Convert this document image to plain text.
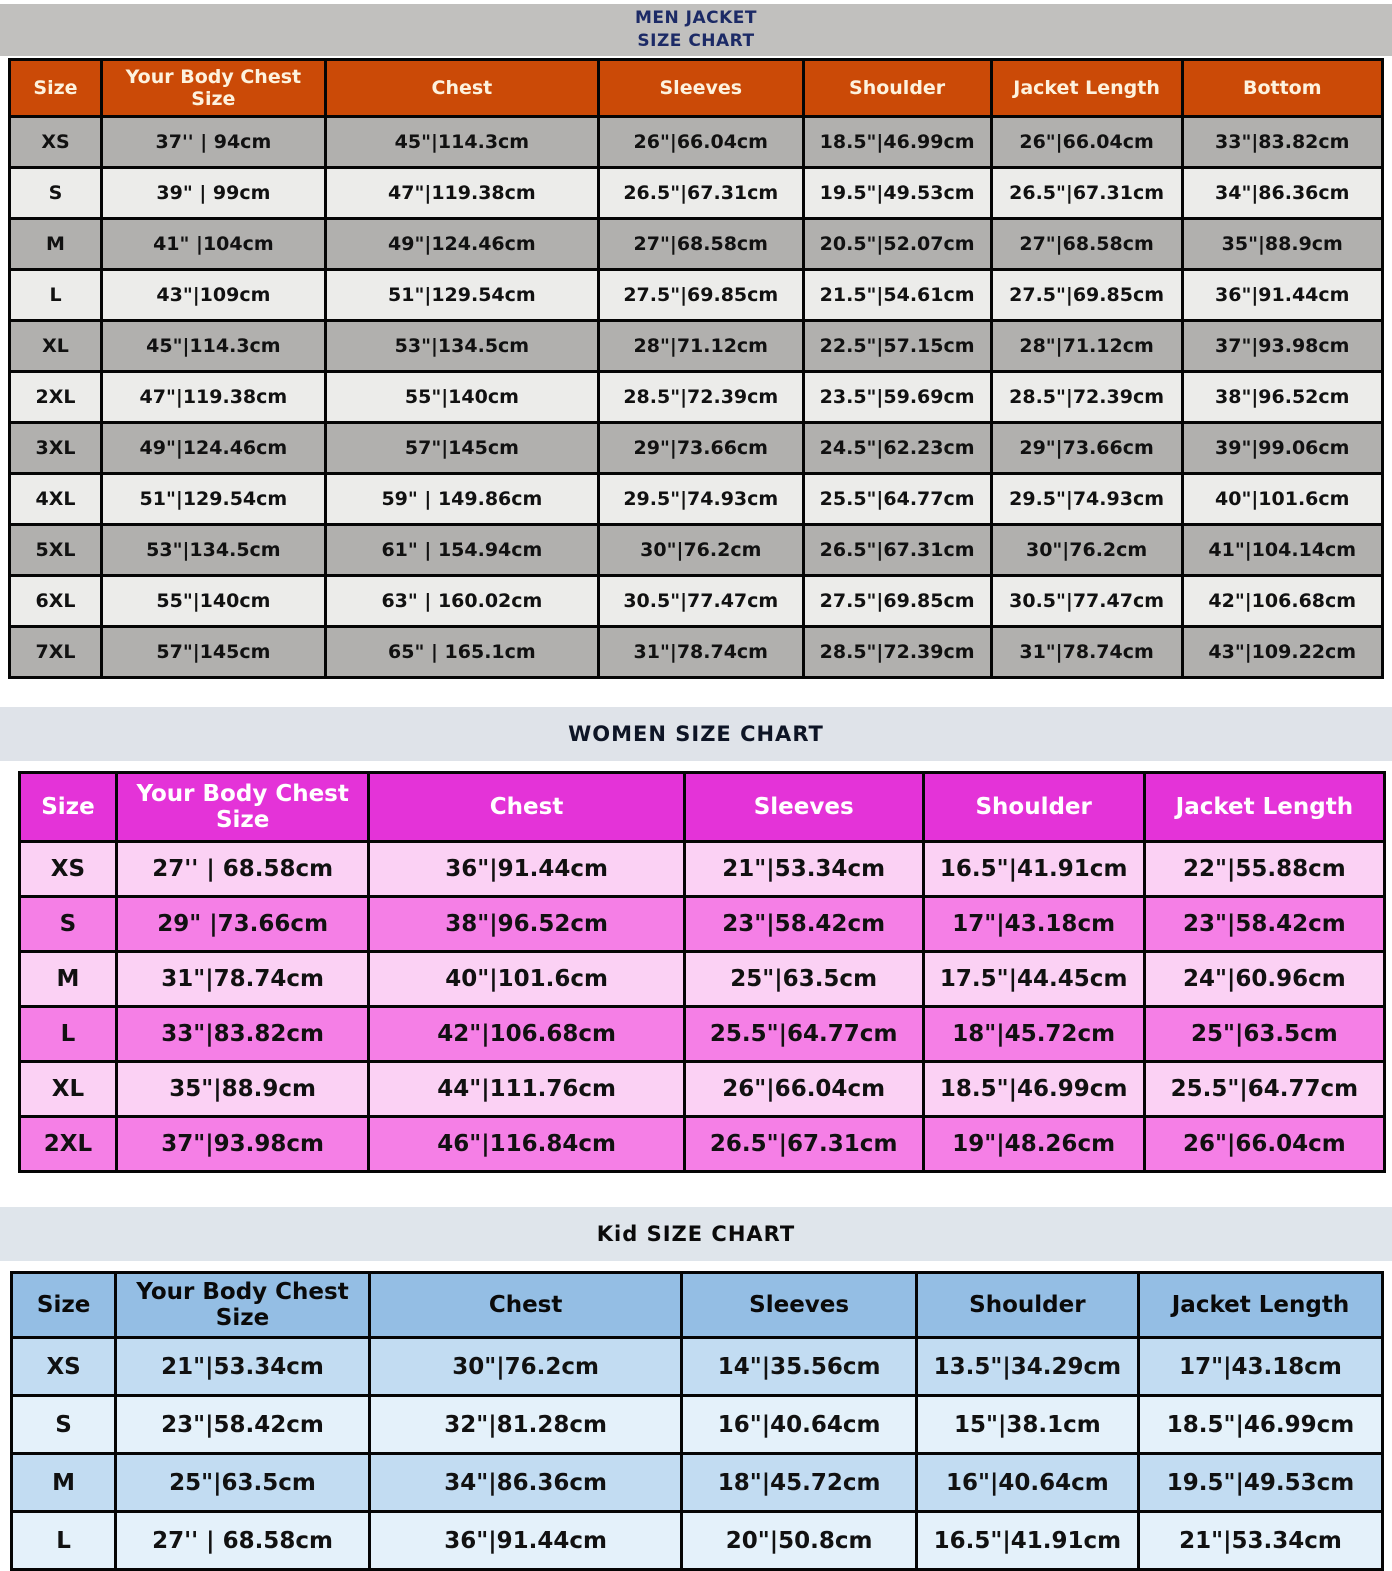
MEN JACKET
SIZE CHART
Size	Your Body Chest Size	Chest	Sleeves	Shoulder	Jacket Length	Bottom
XS	37'' | 94cm	45"|114.3cm	26"|66.04cm	18.5"|46.99cm	26"|66.04cm	33"|83.82cm
S	39" | 99cm	47"|119.38cm	26.5"|67.31cm	19.5"|49.53cm	26.5"|67.31cm	34"|86.36cm
M	41" |104cm	49"|124.46cm	27"|68.58cm	20.5"|52.07cm	27"|68.58cm	35"|88.9cm
L	43"|109cm	51"|129.54cm	27.5"|69.85cm	21.5"|54.61cm	27.5"|69.85cm	36"|91.44cm
XL	45"|114.3cm	53"|134.5cm	28"|71.12cm	22.5"|57.15cm	28"|71.12cm	37"|93.98cm
2XL	47"|119.38cm	55"|140cm	28.5"|72.39cm	23.5"|59.69cm	28.5"|72.39cm	38"|96.52cm
3XL	49"|124.46cm	57"|145cm	29"|73.66cm	24.5"|62.23cm	29"|73.66cm	39"|99.06cm
4XL	51"|129.54cm	59" | 149.86cm	29.5"|74.93cm	25.5"|64.77cm	29.5"|74.93cm	40"|101.6cm
5XL	53"|134.5cm	61" | 154.94cm	30"|76.2cm	26.5"|67.31cm	30"|76.2cm	41"|104.14cm
6XL	55"|140cm	63" | 160.02cm	30.5"|77.47cm	27.5"|69.85cm	30.5"|77.47cm	42"|106.68cm
7XL	57"|145cm	65" | 165.1cm	31"|78.74cm	28.5"|72.39cm	31"|78.74cm	43"|109.22cm
WOMEN SIZE CHART
Size	Your Body Chest Size	Chest	Sleeves	Shoulder	Jacket Length
XS	27'' | 68.58cm	36"|91.44cm	21"|53.34cm	16.5"|41.91cm	22"|55.88cm
S	29" |73.66cm	38"|96.52cm	23"|58.42cm	17"|43.18cm	23"|58.42cm
M	31"|78.74cm	40"|101.6cm	25"|63.5cm	17.5"|44.45cm	24"|60.96cm
L	33"|83.82cm	42"|106.68cm	25.5"|64.77cm	18"|45.72cm	25"|63.5cm
XL	35"|88.9cm	44"|111.76cm	26"|66.04cm	18.5"|46.99cm	25.5"|64.77cm
2XL	37"|93.98cm	46"|116.84cm	26.5"|67.31cm	19"|48.26cm	26"|66.04cm
Kid SIZE CHART
Size	Your Body Chest Size	Chest	Sleeves	Shoulder	Jacket Length
XS	21"|53.34cm	30"|76.2cm	14"|35.56cm	13.5"|34.29cm	17"|43.18cm
S	23"|58.42cm	32"|81.28cm	16"|40.64cm	15"|38.1cm	18.5"|46.99cm
M	25"|63.5cm	34"|86.36cm	18"|45.72cm	16"|40.64cm	19.5"|49.53cm
L	27'' | 68.58cm	36"|91.44cm	20"|50.8cm	16.5"|41.91cm	21"|53.34cm
